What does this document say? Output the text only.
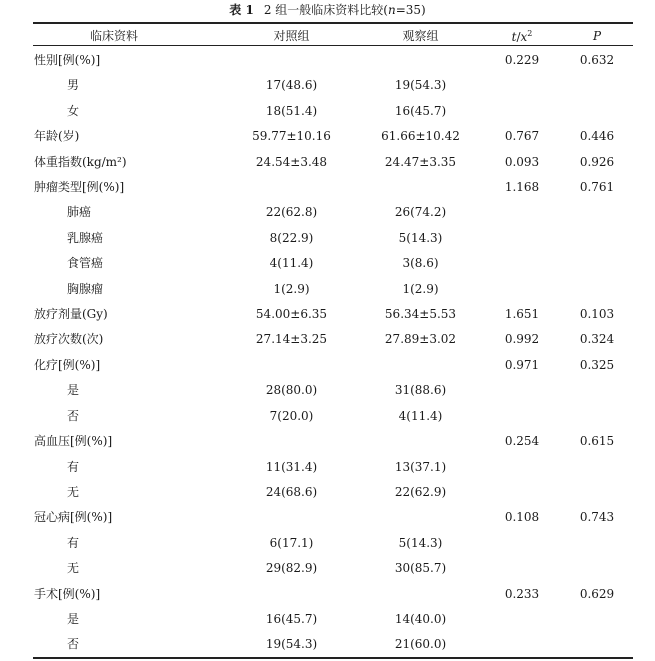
表 1 2 组一般临床资料比较(n=35)
临床资料	对照组	观察组	$t/x^2$	P
性别[例(%)]			0.229	0.632
男	17(48.6)	19(54.3)		
女	18(51.4)	16(45.7)		
年龄(岁)	59.77±10.16	61.66±10.42	0.767	0.446
体重指数(kg/m²)	24.54±3.48	24.47±3.35	0.093	0.926
肿瘤类型[例(%)]			1.168	0.761
肺癌	22(62.8)	26(74.2)		
乳腺癌	8(22.9)	5(14.3)		
食管癌	4(11.4)	3(8.6)		
胸腺瘤	1(2.9)	1(2.9)		
放疗剂量(Gy)	54.00±6.35	56.34±5.53	1.651	0.103
放疗次数(次)	27.14±3.25	27.89±3.02	0.992	0.324
化疗[例(%)]			0.971	0.325
是	28(80.0)	31(88.6)		
否	7(20.0)	4(11.4)		
高血压[例(%)]			0.254	0.615
有	11(31.4)	13(37.1)		
无	24(68.6)	22(62.9)		
冠心病[例(%)]			0.108	0.743
有	6(17.1)	5(14.3)		
无	29(82.9)	30(85.7)		
手术[例(%)]			0.233	0.629
是	16(45.7)	14(40.0)		
否	19(54.3)	21(60.0)		
